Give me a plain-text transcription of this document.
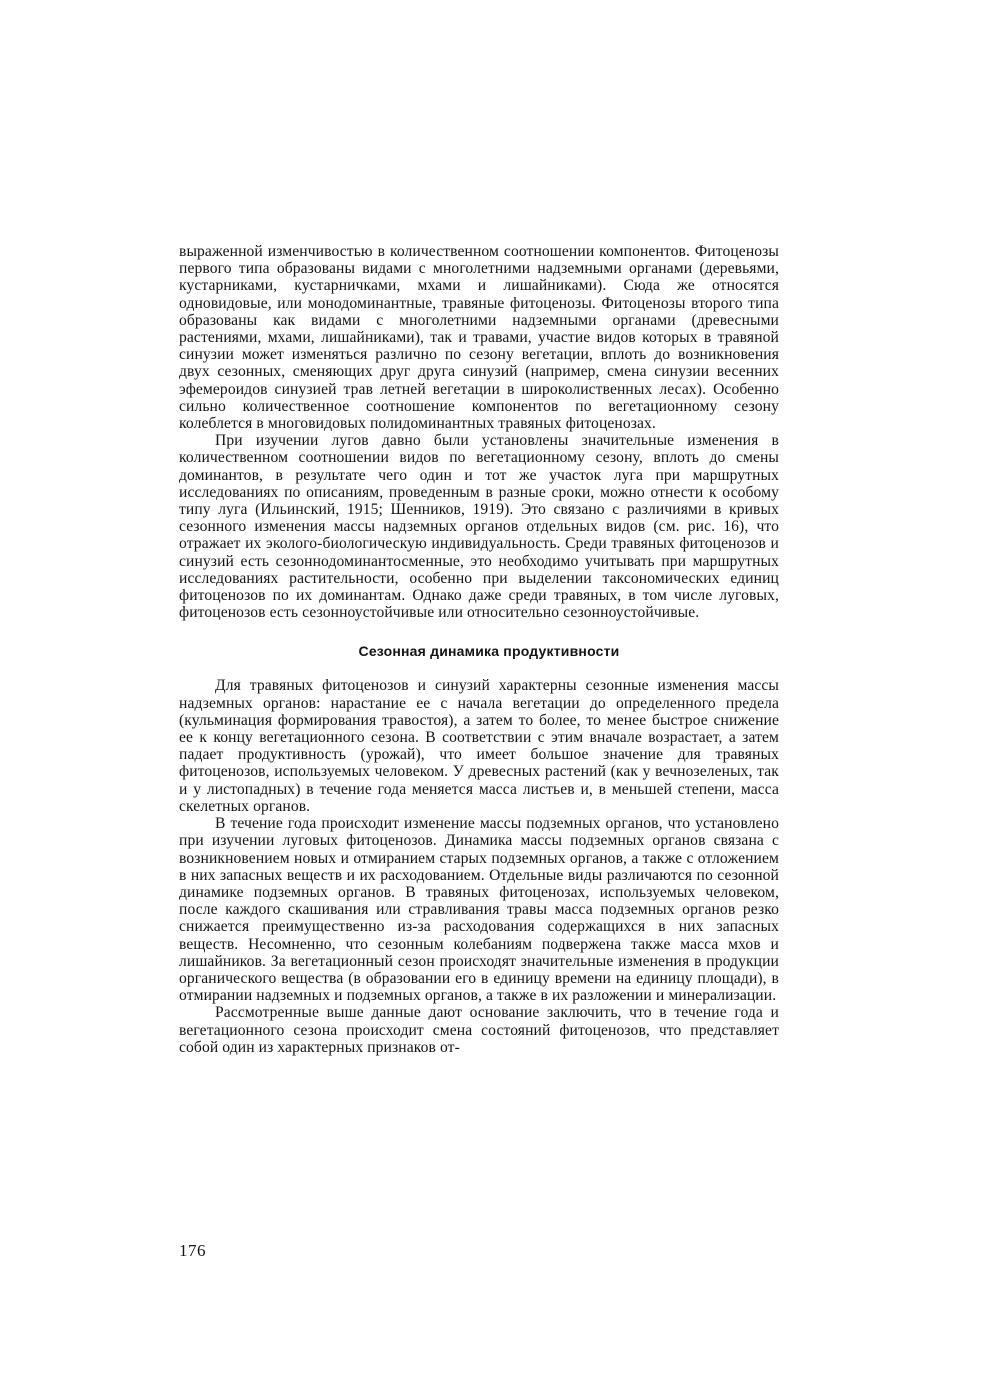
выраженной изменчивостью в количественном соотношении компонентов. Фитоценозы первого типа образованы видами с многолетними надземными органами (деревьями, кустарниками, кустарничками, мхами и лишайниками). Сюда же относятся одновидовые, или монодоминантные, травяные фитоценозы. Фитоценозы второго типа образованы как видами с многолетними надземными органами (древесными растениями, мхами, лишайниками), так и травами, участие видов которых в травяной синузии может изменяться различно по сезону вегетации, вплоть до возникновения двух сезонных, сменяющих друг друга синузий (например, смена синузии весенних эфемероидов синузией трав летней вегетации в широколиственных лесах). Особенно сильно количественное соотношение компонентов по вегетационному сезону колеблется в многовидовых полидоминантных травяных фитоценозах.

При изучении лугов давно были установлены значительные изменения в количественном соотношении видов по вегетационному сезону, вплоть до смены доминантов, в результате чего один и тот же участок луга при маршрутных исследованиях по описаниям, проведенным в разные сроки, можно отнести к особому типу луга (Ильинский, 1915; Шенников, 1919). Это связано с различиями в кривых сезонного изменения массы надземных органов отдельных видов (см. рис. 16), что отражает их эколого-биологическую индивидуальность. Среди травяных фитоценозов и синузий есть сезоннодоминантосменные, это необходимо учитывать при маршрутных исследованиях растительности, особенно при выделении таксономических единиц фитоценозов по их доминантам. Однако даже среди травяных, в том числе луговых, фитоценозов есть сезонноустойчивые или относительно сезонноустойчивые.

Сезонная динамика продуктивности

Для травяных фитоценозов и синузий характерны сезонные изменения массы надземных органов: нарастание ее с начала вегетации до определенного предела (кульминация формирования травостоя), а затем то более, то менее быстрое снижение ее к концу вегетационного сезона. В соответствии с этим вначале возрастает, а затем падает продуктивность (урожай), что имеет большое значение для травяных фитоценозов, используемых человеком. У древесных растений (как у вечнозеленых, так и у листопадных) в течение года меняется масса листьев и, в меньшей степени, масса скелетных органов.

В течение года происходит изменение массы подземных органов, что установлено при изучении луговых фитоценозов. Динамика массы подземных органов связана с возникновением новых и отмиранием старых подземных органов, а также с отложением в них запасных веществ и их расходованием. Отдельные виды различаются по сезонной динамике подземных органов. В травяных фитоценозах, используемых человеком, после каждого скашивания или стравливания травы масса подземных органов резко снижается преимущественно из-за расходования содержащихся в них запасных веществ. Несомненно, что сезонным колебаниям подвержена также масса мхов и лишайников. За вегетационный сезон происходят значительные изменения в продукции органического вещества (в образовании его в единицу времени на единицу площади), в отмирании надземных и подземных органов, а также в их разложении и минерализации.

Рассмотренные выше данные дают основание заключить, что в течение года и вегетационного сезона происходит смена состояний фитоценозов, что представляет собой один из характерных признаков от-

176
